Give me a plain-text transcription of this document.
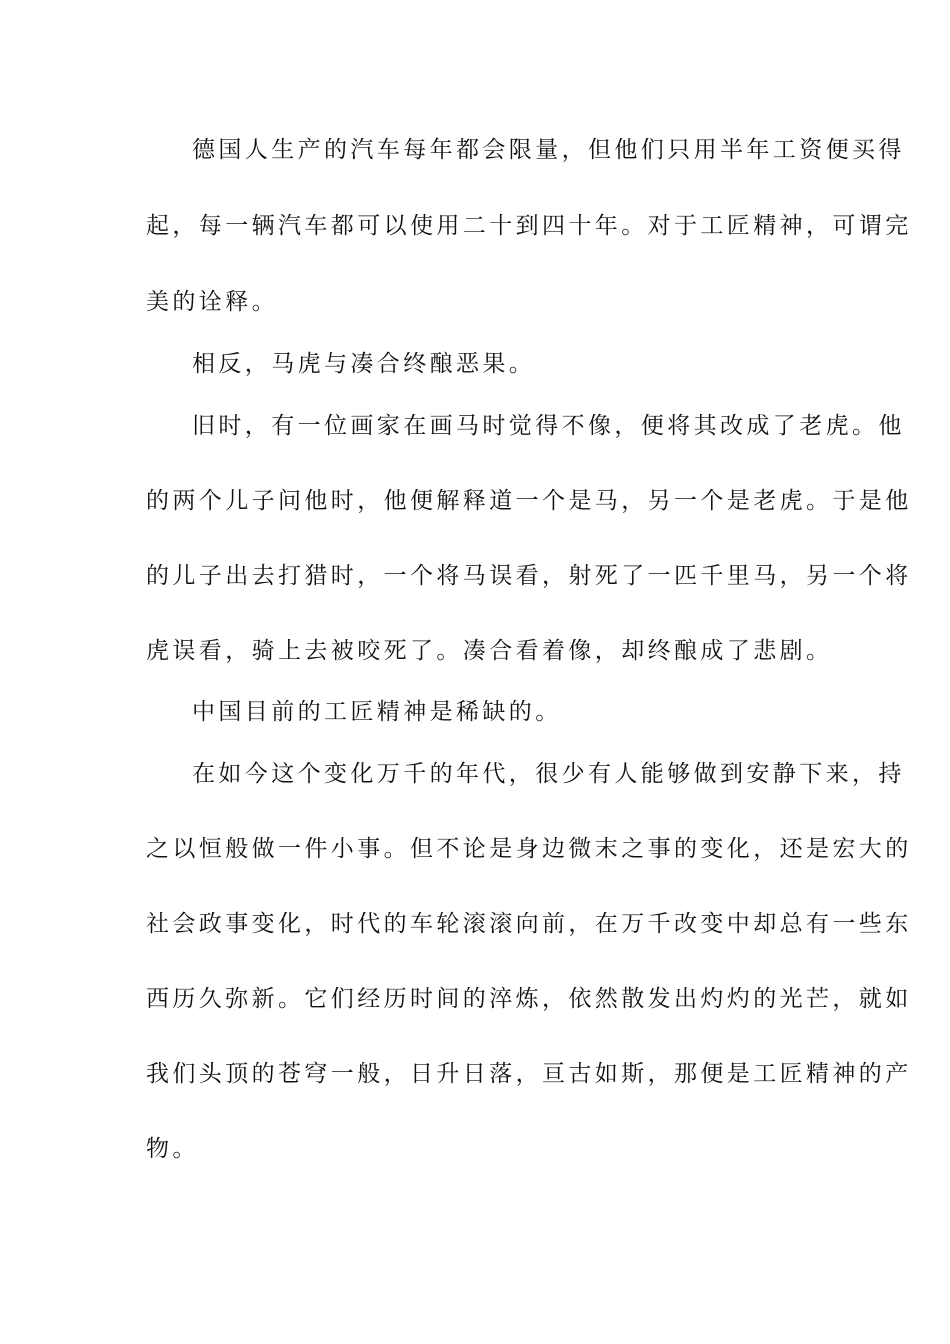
德国人生产的汽车每年都会限量，但他们只用半年工资便买得
起，每一辆汽车都可以使用二十到四十年。对于工匠精神，可谓完
美的诠释。
相反，马虎与凑合终酿恶果。
旧时，有一位画家在画马时觉得不像，便将其改成了老虎。他
的两个儿子问他时，他便解释道一个是马，另一个是老虎。于是他
的儿子出去打猎时，一个将马误看，射死了一匹千里马，另一个将
虎误看，骑上去被咬死了。凑合看着像，却终酿成了悲剧。
中国目前的工匠精神是稀缺的。
在如今这个变化万千的年代，很少有人能够做到安静下来，持
之以恒般做一件小事。但不论是身边微末之事的变化，还是宏大的
社会政事变化，时代的车轮滚滚向前，在万千改变中却总有一些东
西历久弥新。它们经历时间的淬炼，依然散发出灼灼的光芒，就如
我们头顶的苍穹一般，日升日落，亘古如斯，那便是工匠精神的产
物。
